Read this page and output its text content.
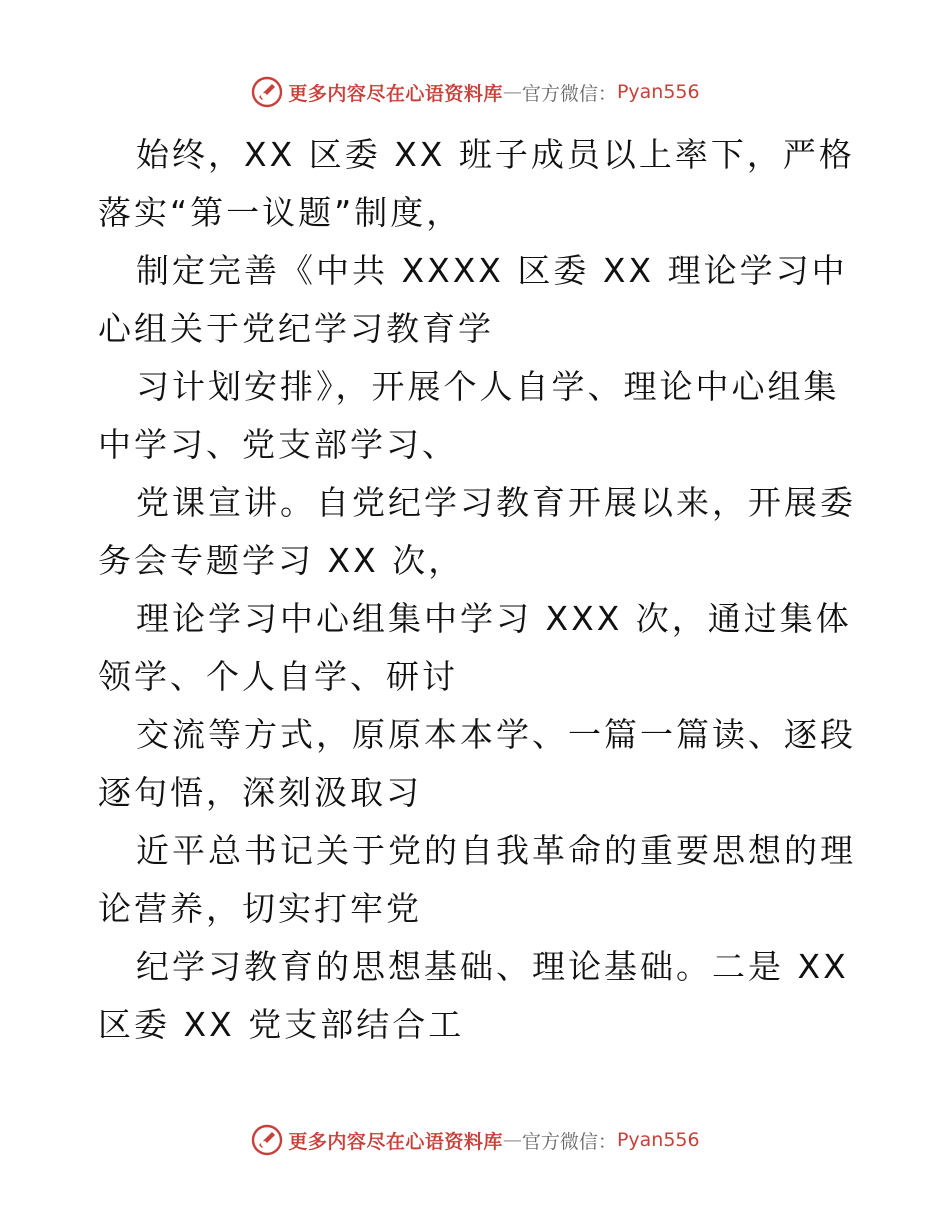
更多内容尽在心语资料库 — 官方微信： Pyan556

始终，XX 区委 XX 班子成员以上率下，严格落实“第一议题”制度，

制定完善《中共 XXXX 区委 XX 理论学习中心组关于党纪学习教育学

习计划安排》，开展个人自学、理论中心组集中学习、党支部学习、

党课宣讲。自党纪学习教育开展以来，开展委务会专题学习 XX 次，

理论学习中心组集中学习 XXX 次，通过集体领学、个人自学、研讨

交流等方式，原原本本学、一篇一篇读、逐段逐句悟，深刻汲取习

近平总书记关于党的自我革命的重要思想的理论营养，切实打牢党

纪学习教育的思想基础、理论基础。二是 XX 区委 XX 党支部结合工

更多内容尽在心语资料库 — 官方微信： Pyan556
